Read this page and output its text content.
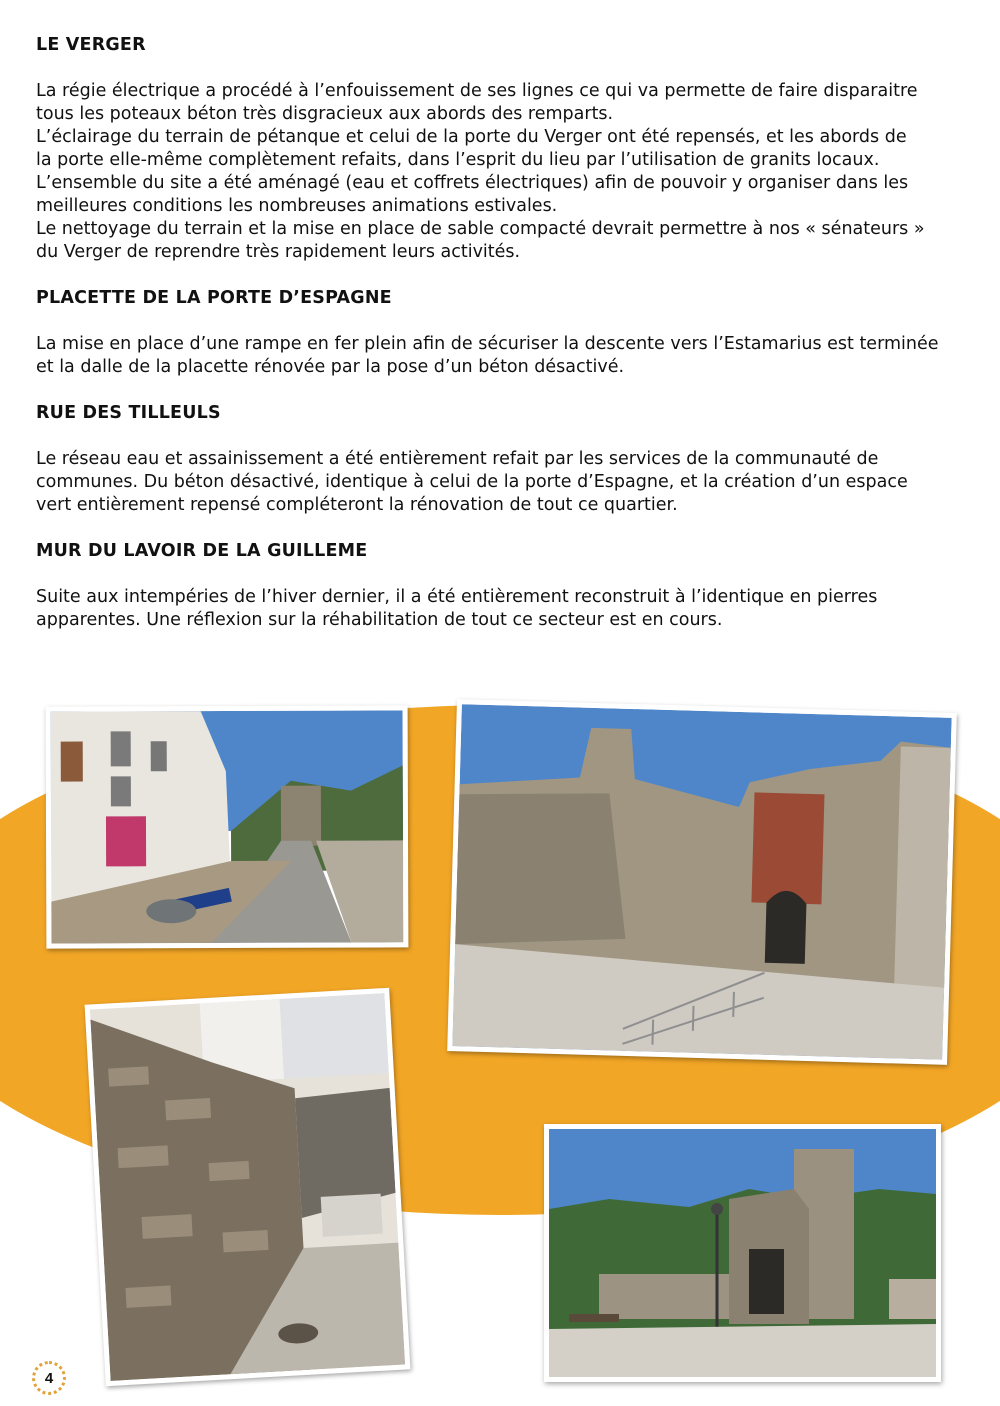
LE VERGER

La régie électrique a procédé à l’enfouissement de ses lignes ce qui va permette de faire disparaitre

tous les poteaux béton très disgracieux aux abords des remparts.

L’éclairage du terrain de pétanque et celui de la porte du Verger ont été repensés, et les abords de

la porte elle-même complètement refaits, dans l’esprit du lieu par l’utilisation de granits locaux.

L’ensemble du site a été aménagé (eau et coffrets électriques) afin de pouvoir y organiser dans les

meilleures conditions les nombreuses animations estivales.

Le nettoyage du terrain et la mise en place de sable compacté devrait permettre à nos « sénateurs »

du Verger de reprendre très rapidement leurs activités.

PLACETTE DE LA PORTE D’ESPAGNE

La mise en place d’une rampe en fer plein afin de sécuriser la descente vers l’Estamarius est terminée

et la dalle de la placette rénovée par la pose d’un béton désactivé.

RUE DES TILLEULS

Le réseau eau et assainissement a été entièrement refait par les services de la communauté de

communes. Du béton désactivé, identique à celui de la porte d’Espagne, et la création d’un espace

vert entièrement repensé compléteront la rénovation de tout ce quartier.

MUR DU LAVOIR DE LA GUILLEME

Suite aux intempéries de l’hiver dernier, il a été entièrement reconstruit à l’identique en pierres

apparentes. Une réflexion sur la réhabilitation de tout ce secteur est en cours.

4
